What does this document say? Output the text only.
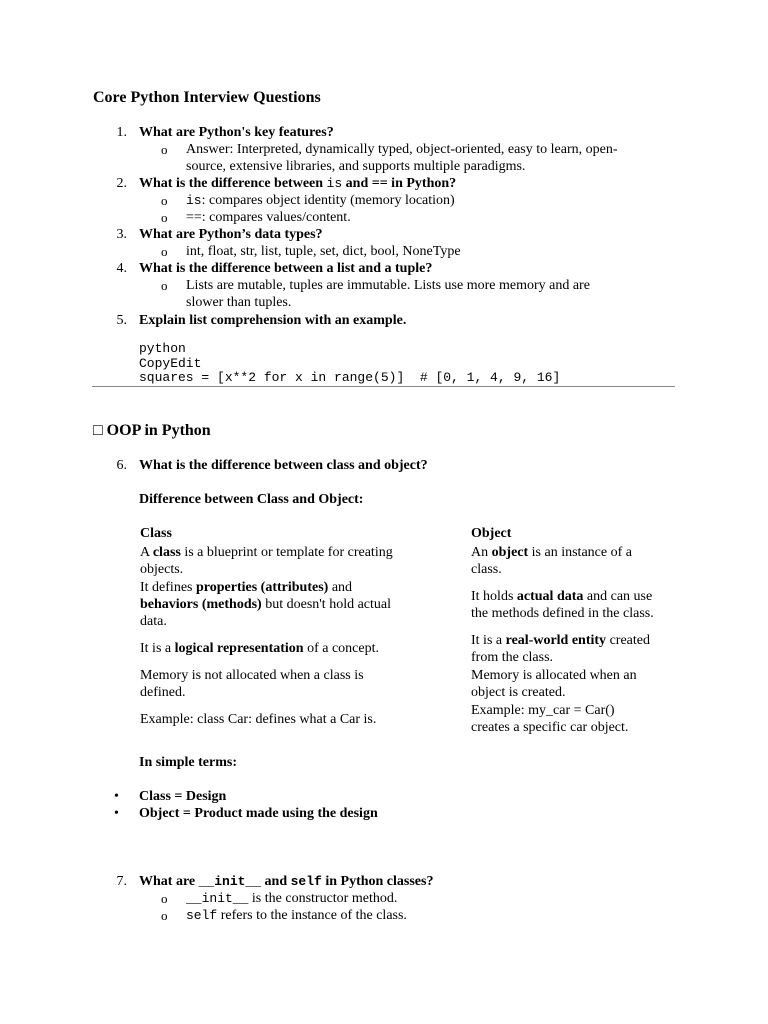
Core Python Interview Questions
1. What are Python's key features?
o Answer: Interpreted, dynamically typed, object-oriented, easy to learn, open-
source, extensive libraries, and supports multiple paradigms.
2. What is the difference between is and == in Python?
o is: compares object identity (memory location)
o ==: compares values/content.
3. What are Python’s data types?
o int, float, str, list, tuple, set, dict, bool, NoneType
4. What is the difference between a list and a tuple?
o Lists are mutable, tuples are immutable. Lists use more memory and are
slower than tuples.
5. Explain list comprehension with an example.
python
CopyEdit
squares = [x**2 for x in range(5)]  # [0, 1, 4, 9, 16]
□ OOP in Python
6. What is the difference between class and object?
Difference between Class and Object:
Class
A class is a blueprint or template for creating
objects.
It defines properties (attributes) and
behaviors (methods) but doesn't hold actual
data.
It is a logical representation of a concept.
Memory is not allocated when a class is
defined.
Example: class Car: defines what a Car is.
Object
An object is an instance of a
class.
It holds actual data and can use
the methods defined in the class.
It is a real-world entity created
from the class.
Memory is allocated when an
object is created.
Example: my_car = Car()
creates a specific car object.
In simple terms:
• Class = Design
• Object = Product made using the design
7. What are __init__ and self in Python classes?
o __init__ is the constructor method.
o self refers to the instance of the class.
